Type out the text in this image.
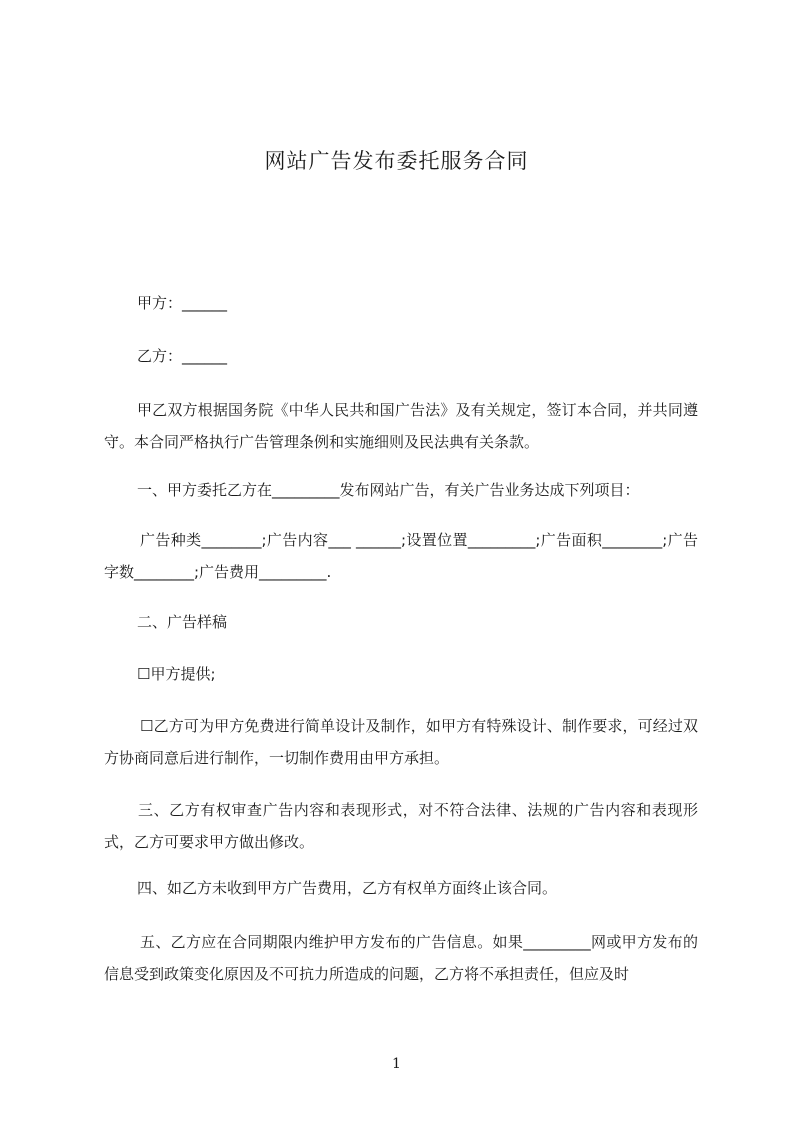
网站广告发布委托服务合同
甲方：______
乙方：______
甲乙双方根据国务院《中华人民共和国广告法》及有关规定，签订本合同，并共同遵守。本合同严格执行广告管理条例和实施细则及民法典有关条款。
一、甲方委托乙方在_________发布网站广告，有关广告业务达成下列项目：
广告种类________;广告内容___ ______;设置位置_________;广告面积________;广告字数________;广告费用_________.
二、广告样稿
☐甲方提供;
☐乙方可为甲方免费进行简单设计及制作，如甲方有特殊设计、制作要求，可经过双方协商同意后进行制作，一切制作费用由甲方承担。
三、乙方有权审查广告内容和表现形式，对不符合法律、法规的广告内容和表现形式，乙方可要求甲方做出修改。
四、如乙方未收到甲方广告费用，乙方有权单方面终止该合同。
五、乙方应在合同期限内维护甲方发布的广告信息。如果_________网或甲方发布的信息受到政策变化原因及不可抗力所造成的问题，乙方将不承担责任，但应及时
1
